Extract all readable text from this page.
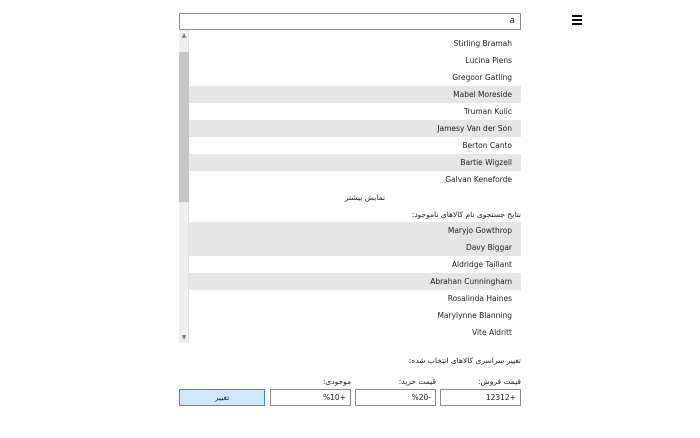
a
▲
▼
Stirling Bramah
Lucina Piens
Gregoor Gatling
Mabel Moreside
Truman Kulic
Jamesy Van der Son
Berton Canto
Bartie Wigzell
Galvan Keneforde
نمایش بیشتر
نتایج جستجوی نام کالاهای ناموجود:
Maryjo Gowthrop
Davy Biggar
Aldridge Taillant
Abrahan Cunningham
Rosalinda Haines
Marylynne Blanning
Vite Aldritt
تغییر سراسری کالاهای انتخاب شده:
قیمت فروش:
قیمت خرید:
موجودی:
12312+
%20-
%10+
تغییر
